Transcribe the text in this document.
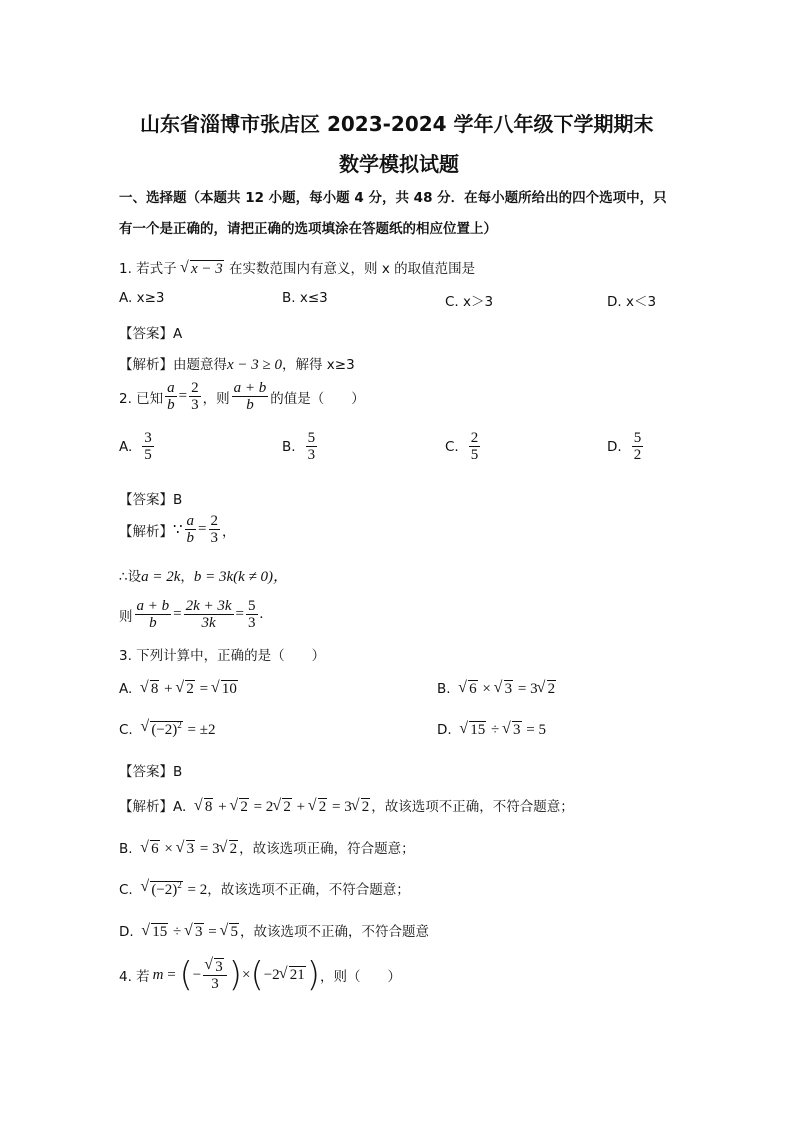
山东省淄博市张店区 2023-2024 学年八年级下学期期末
数学模拟试题
一、选择题（本题共 12 小题，每小题 4 分，共 48 分．在每小题所给出的四个选项中，只
有一个是正确的，请把正确的选项填涂在答题纸的相应位置上）
1. 若式子 √ x − 3 在实数范围内有意义，则 x 的取值范围是
A. x≥3	B. x≤3	C. x＞3	D. x＜3
【答案】A
【解析】由题意得x − 3 ≥ 0，解得 x≥3
2. 已知 $\frac{a}{b} = \frac{2}{3}$ ，则 $\frac{a + b}{b}$ 的值是（　　）
A. $\frac{3}{5}$	B. $\frac{5}{3}$	C. $\frac{2}{5}$	D. $\frac{5}{2}$
【答案】B
【解析】 ∵ $\frac{a}{b} = \frac{2}{3}$ ，
∴设a = 2k，b = 3k(k ≠ 0)，
则 $\frac{a + b}{b} = \frac{2k + 3k}{3k} = \frac{5}{3}$ .
3. 下列计算中，正确的是（　　）
A.  √ 8 + √ 2 = √ 10	B.  √ 6 × √ 3 = 3 √ 2
C.  √ $(-2)^2 = \pm 2$	D.  √ 15 ÷ √ 3 = 5
【答案】B
【解析】A.  √ 8 + √ 2 = 2 √ 2 + √ 2 = 3 √ 2 ，故该选项不正确，不符合题意；
B.  √ 6 × √ 3 = 3 √ 2 ，故该选项正确，符合题意；
C.  √ $(-2)^2 = 2$，故该选项不正确，不符合题意；
D.  √ 15 ÷ √ 3 = √ 5 ，故该选项不正确，不符合题意
4. 若 m = ( − √ $\frac{3}{3}$ ) × ( −2 √ 21 ) ，则（　　）
